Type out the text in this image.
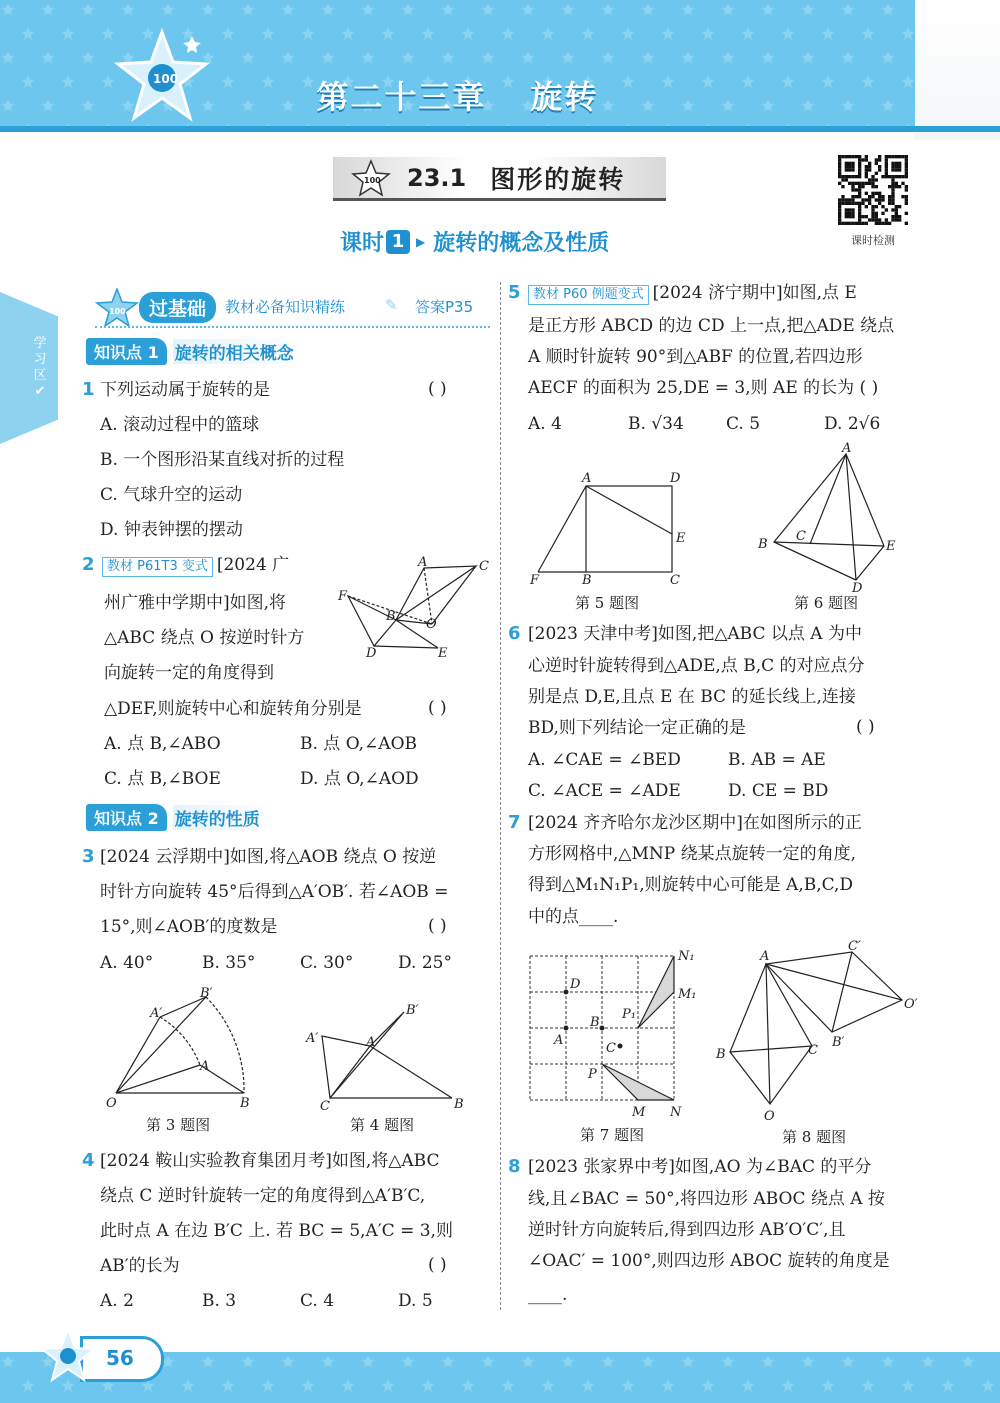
第二十三章 旋转
100
100 23.1 图形的旋转
课时检测
课时 1 ▶ 旋转的概念及性质
学习区
✔
100	过基础	教材必备知识精练	✎ 答案P35
知识点 1 旋转的相关概念
1 下列运动属于旋转的是	( )
A. 滚动过程中的篮球
B. 一个图形沿某直线对折的过程
C. 气球升空的运动
D. 钟表钟摆的摆动
2 教材 P61T3 变式 [2024 广
州广雅中学期中]如图,将
△ABC 绕点 O 按逆时针方
向旋转一定的角度得到
△DEF,则旋转中心和旋转角分别是	( )
A. 点 B,∠ABO	B. 点 O,∠AOB
C. 点 B,∠BOE	D. 点 O,∠AOD
A	C
F
B
O
D	E
知识点 2 旋转的性质
3 [2024 云浮期中]如图,将△AOB 绕点 O 按逆
时针方向旋转 45°后得到△A′OB′. 若∠AOB =
15°,则∠AOB′的度数是	( )
A. 40°	B. 35°	C. 30°	D. 25°
O	B
A
A′
B′
第 3 题图
C	B
A′	A
B′
第 4 题图
4 [2024 鞍山实验教育集团月考]如图,将△ABC
绕点 C 逆时针旋转一定的角度得到△A′B′C,
此时点 A 在边 B′C 上. 若 BC = 5,A′C = 3,则
AB′的长为	( )
A. 2	B. 3	C. 4	D. 5
5 教材 P60 例题变式 [2024 济宁期中]如图,点 E
是正方形 ABCD 的边 CD 上一点,把△ADE 绕点
A 顺时针旋转 90°到△ABF 的位置,若四边形
AECF 的面积为 25,DE = 3,则 AE 的长为 ( )
A. 4	B. √34 C. 5	D. 2√6
A	D
E
F	B	C
第 5 题图
A
B
C
E
D
第 6 题图
6 [2023 天津中考]如图,把△ABC 以点 A 为中
心逆时针旋转得到△ADE,点 B,C 的对应点分
别是点 D,E,且点 E 在 BC 的延长线上,连接
BD,则下列结论一定正确的是	( )
A. ∠CAE = ∠BED	B. AB = AE
C. ∠ACE = ∠ADE	D. CE = BD
7 [2024 齐齐哈尔龙沙区期中]在如图所示的正
方形网格中,△MNP 绕某点旋转一定的角度,
得到△M₁N₁P₁,则旋转中心可能是 A,B,C,D
中的点____.
D
A
B
C
P₁
N₁
M₁
P
M N
第 7 题图
A
B	C
O
B′
C′
O′
第 8 题图
8 [2023 张家界中考]如图,AO 为∠BAC 的平分
线,且∠BAC = 50°,将四边形 ABOC 绕点 A 按
逆时针方向旋转后,得到四边形 AB′O′C′,且
∠OAC′ = 100°,则四边形 ABOC 旋转的角度是
____.
56
